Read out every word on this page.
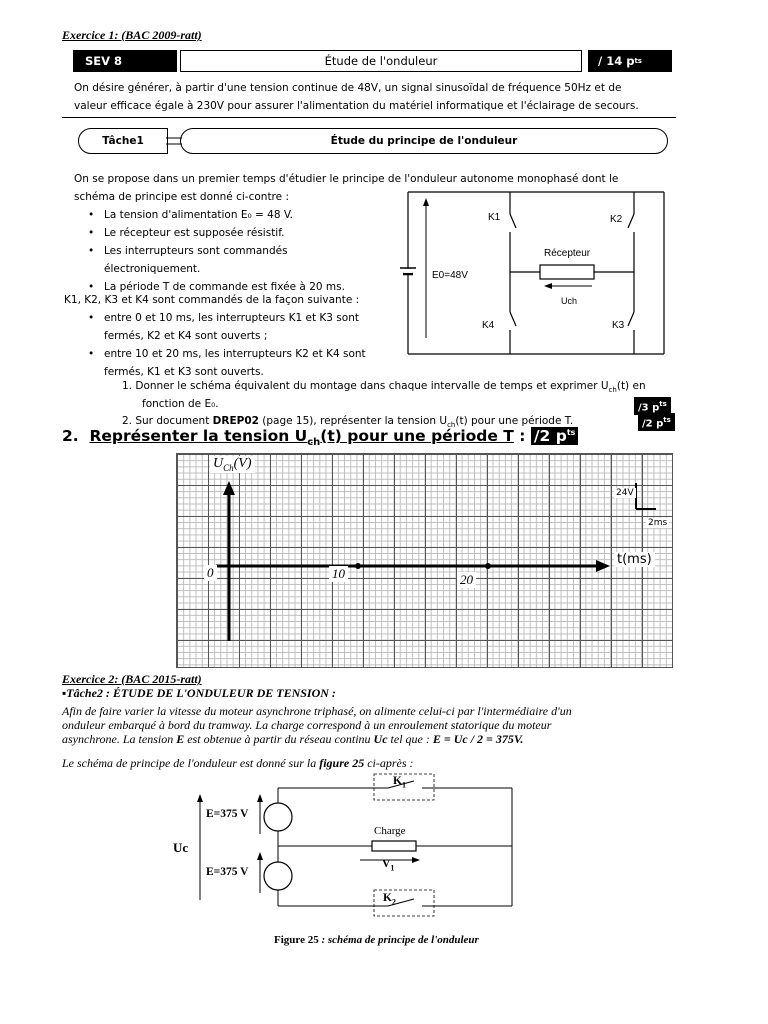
Exercice 1: (BAC 2009-ratt)
SEV 8	Étude de l'onduleur	/ 14 p ts
On désire générer, à partir d'une tension continue de 48V, un signal sinusoïdal de fréquence 50Hz et de
valeur efficace égale à 230V pour assurer l'alimentation du matériel informatique et l'éclairage de secours.
Tâche1	Étude du principe de l'onduleur
On se propose dans un premier temps d'étudier le principe de l'onduleur autonome monophasé dont le
schéma de principe est donné ci-contre :
• La tension d'alimentation E₀ = 48 V.
• Le récepteur est supposée résistif.
• Les interrupteurs sont commandés
électroniquement.
• La période T de commande est fixée à 20 ms.
K1, K2, K3 et K4 sont commandés de la façon suivante :
• entre 0 et 10 ms, les interrupteurs K1 et K3 sont
fermés, K2 et K4 sont ouverts ;
• entre 10 et 20 ms, les interrupteurs K2 et K4 sont
fermés, K1 et K3 sont ouverts.
K1	K2
K4	K3
E0=48V
Récepteur
Uch
1. Donner le schéma équivalent du montage dans chaque intervalle de temps et exprimer $U_{ch}(t)$ en
fonction de E₀.	/3 $p^{ts}$
2. Sur document DREP02 (page 15), représenter la tension $U_{ch}(t)$ pour une période T.	/2 $p^{ts}$
2. Représenter la tension $U_{ch}(t)$ pour une période T : /2 $p^{ts}$
$U_{Ch}(V)$
t(ms)
0	10	20
24V
2ms
Exercice 2: (BAC 2015-ratt)
▪Tâche2 : ÉTUDE DE L'ONDULEUR DE TENSION :
Afin de faire varier la vitesse du moteur asynchrone triphasé, on alimente celui-ci par l'intermédiaire d'un
onduleur embarqué à bord du tramway. La charge correspond à un enroulement statorique du moteur
asynchrone. La tension E est obtenue à partir du réseau continu Uc tel que : E = Uc / 2 = 375V.
Le schéma de principe de l'onduleur est donné sur la figure 25 ci-après :
Uc
E=375 V
E=375 V
$K_1$
$K_2$
Charge
$V_1$
Figure 25 : schéma de principe de l'onduleur
